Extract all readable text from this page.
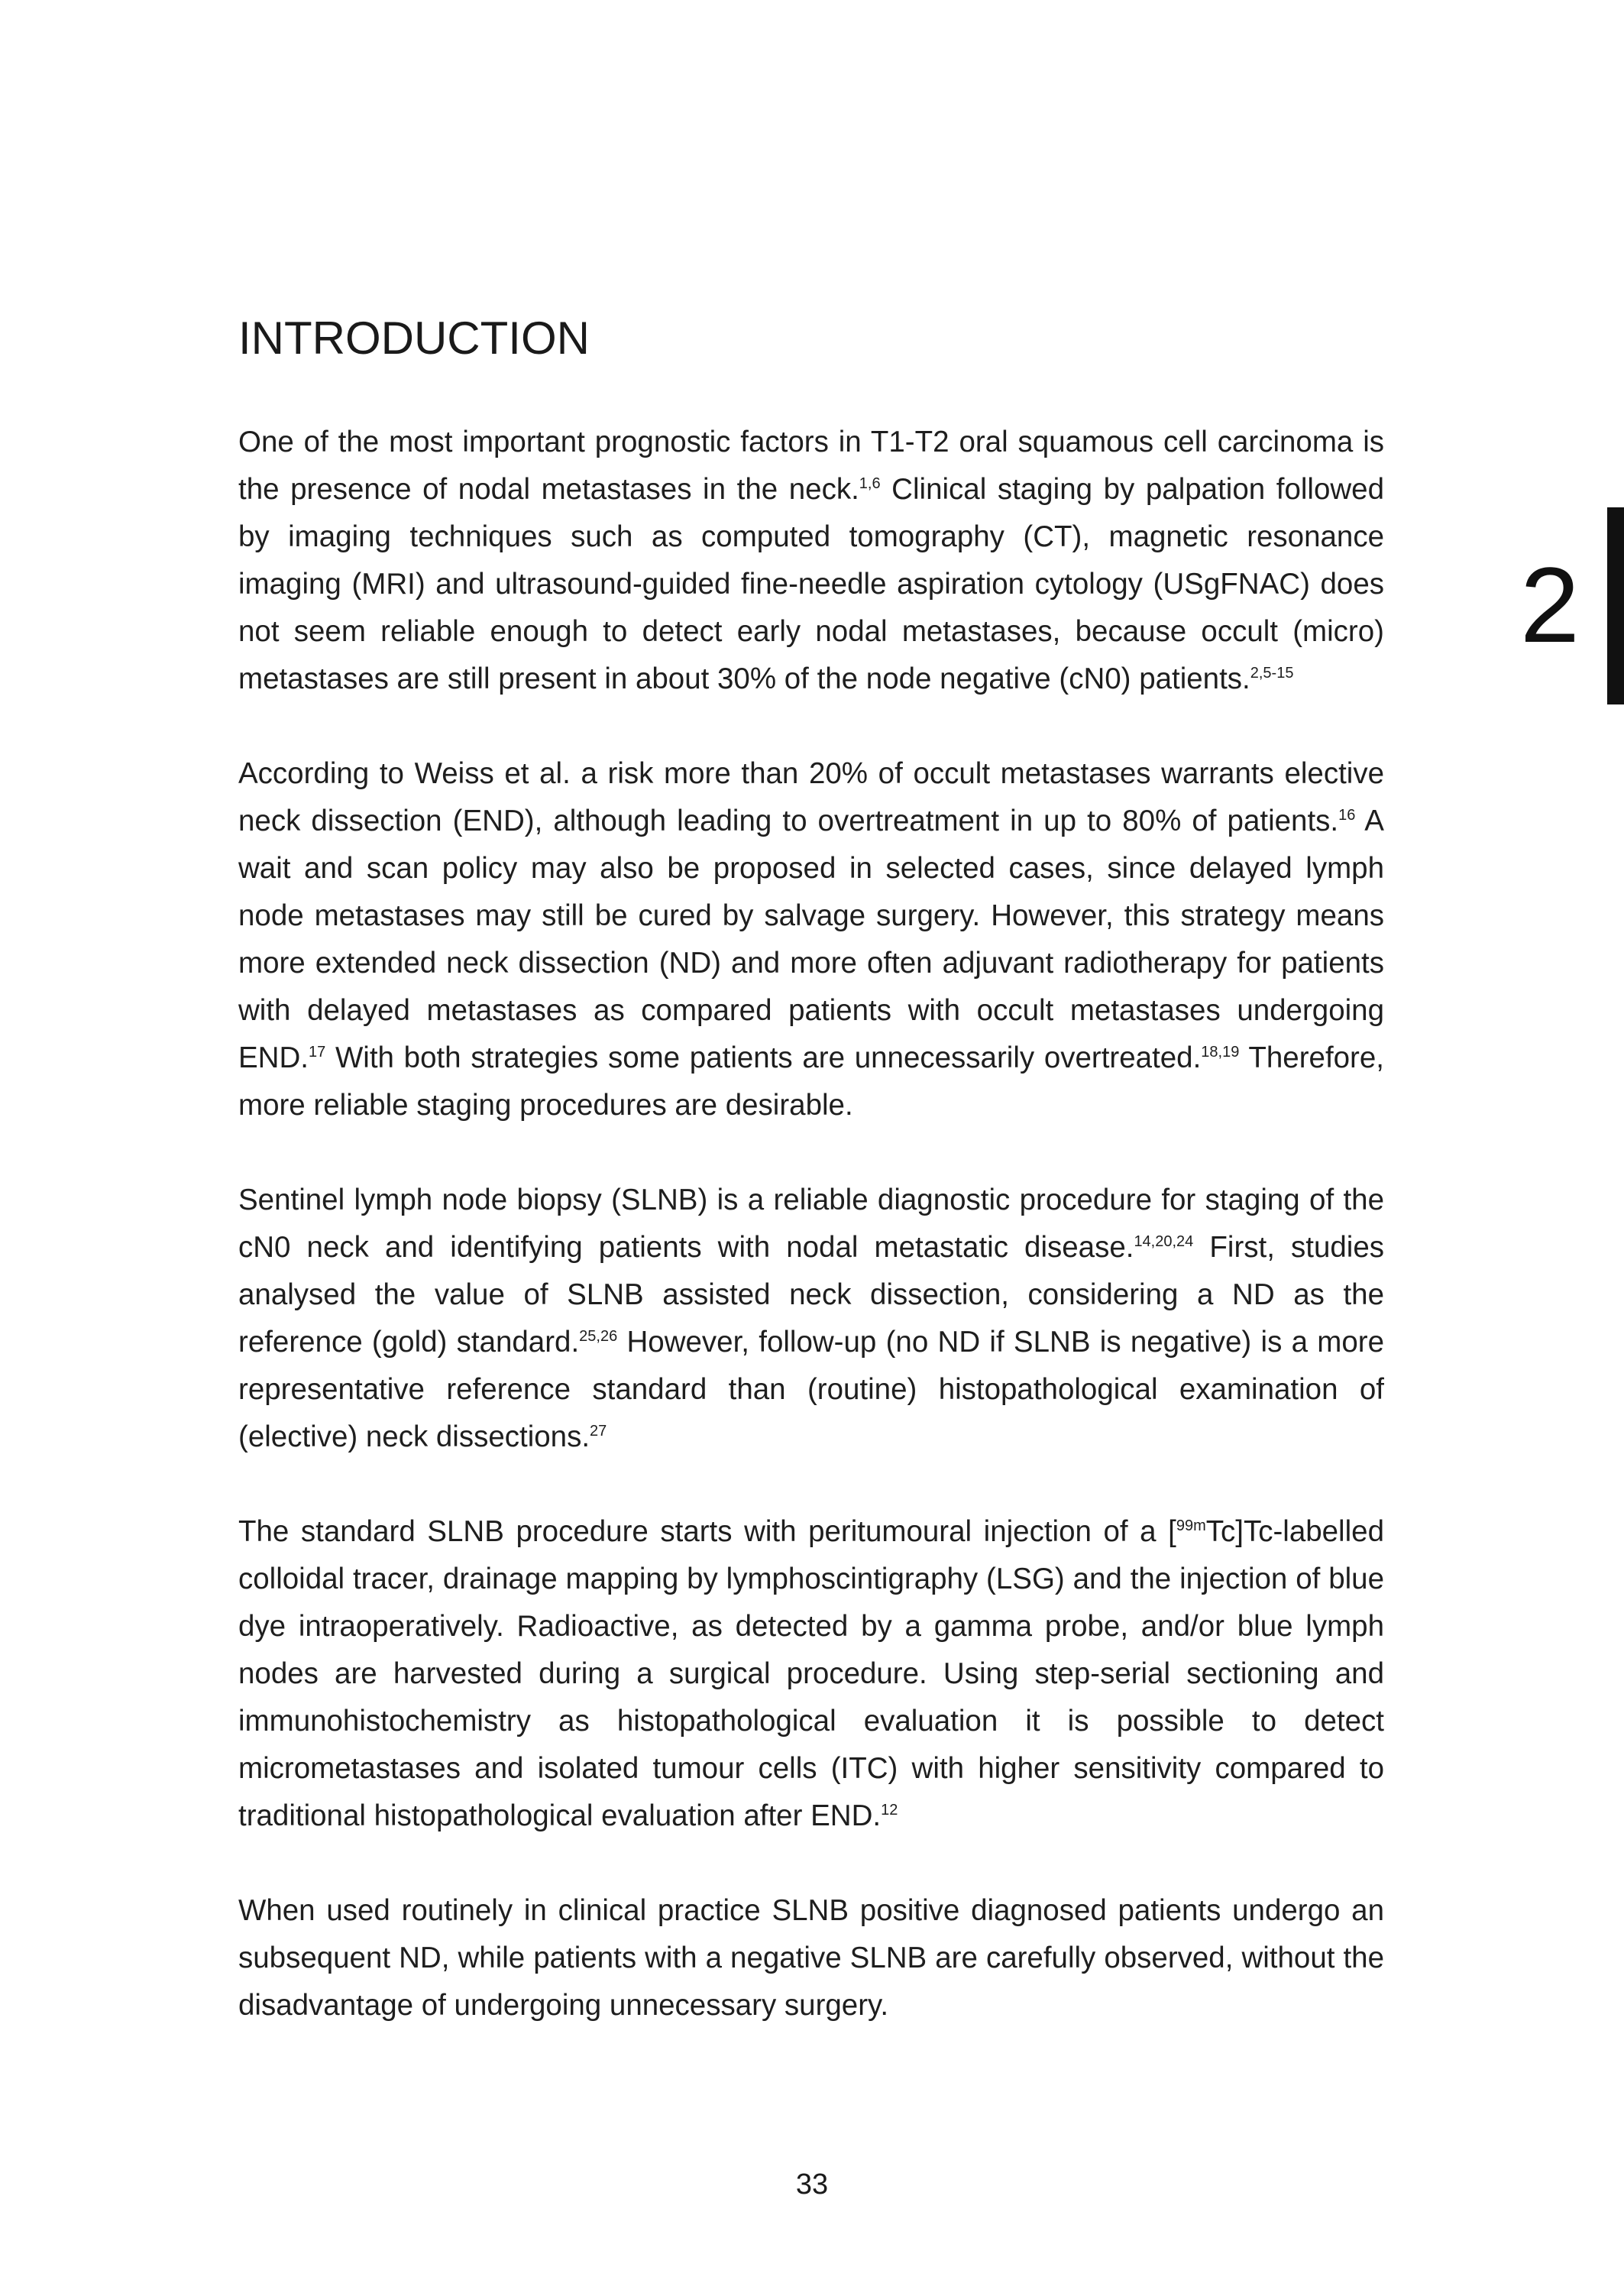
INTRODUCTION

One of the most important prognostic factors in T1-T2 oral squamous cell carcinoma is the presence of nodal metastases in the neck.$^{1,6}$ Clinical staging by palpation followed by imaging techniques such as computed tomography (CT), magnetic resonance imaging (MRI) and ultrasound-guided fine-needle aspiration cytology (USgFNAC) does not seem reliable enough to detect early nodal metastases, because occult (micro) metastases are still present in about 30% of the node negative (cN0) patients.$^{2,5-15}$

According to Weiss et al. a risk more than 20% of occult metastases warrants elective neck dissection (END), although leading to overtreatment in up to 80% of patients.$^{16}$ A wait and scan policy may also be proposed in selected cases, since delayed lymph node metastases may still be cured by salvage surgery. However, this strategy means more extended neck dissection (ND) and more often adjuvant radiotherapy for patients with delayed metastases as compared patients with occult metastases undergoing END.$^{17}$ With both strategies some patients are unnecessarily overtreated.$^{18,19}$ Therefore, more reliable staging procedures are desirable.

Sentinel lymph node biopsy (SLNB) is a reliable diagnostic procedure for staging of the cN0 neck and identifying patients with nodal metastatic disease.$^{14,20,24}$ First, studies analysed the value of SLNB assisted neck dissection, considering a ND as the reference (gold) standard.$^{25,26}$ However, follow-up (no ND if SLNB is negative) is a more representative reference standard than (routine) histopathological examination of (elective) neck dissections.$^{27}$

The standard SLNB procedure starts with peritumoural injection of a [$^{99m}$Tc]Tc-labelled colloidal tracer, drainage mapping by lymphoscintigraphy (LSG) and the injection of blue dye intraoperatively. Radioactive, as detected by a gamma probe, and/or blue lymph nodes are harvested during a surgical procedure. Using step-serial sectioning and immunohistochemistry as histopathological evaluation it is possible to detect micrometastases and isolated tumour cells (ITC) with higher sensitivity compared to traditional histopathological evaluation after END.$^{12}$

When used routinely in clinical practice SLNB positive diagnosed patients undergo an subsequent ND, while patients with a negative SLNB are carefully observed, without the disadvantage of undergoing unnecessary surgery.

2
33
